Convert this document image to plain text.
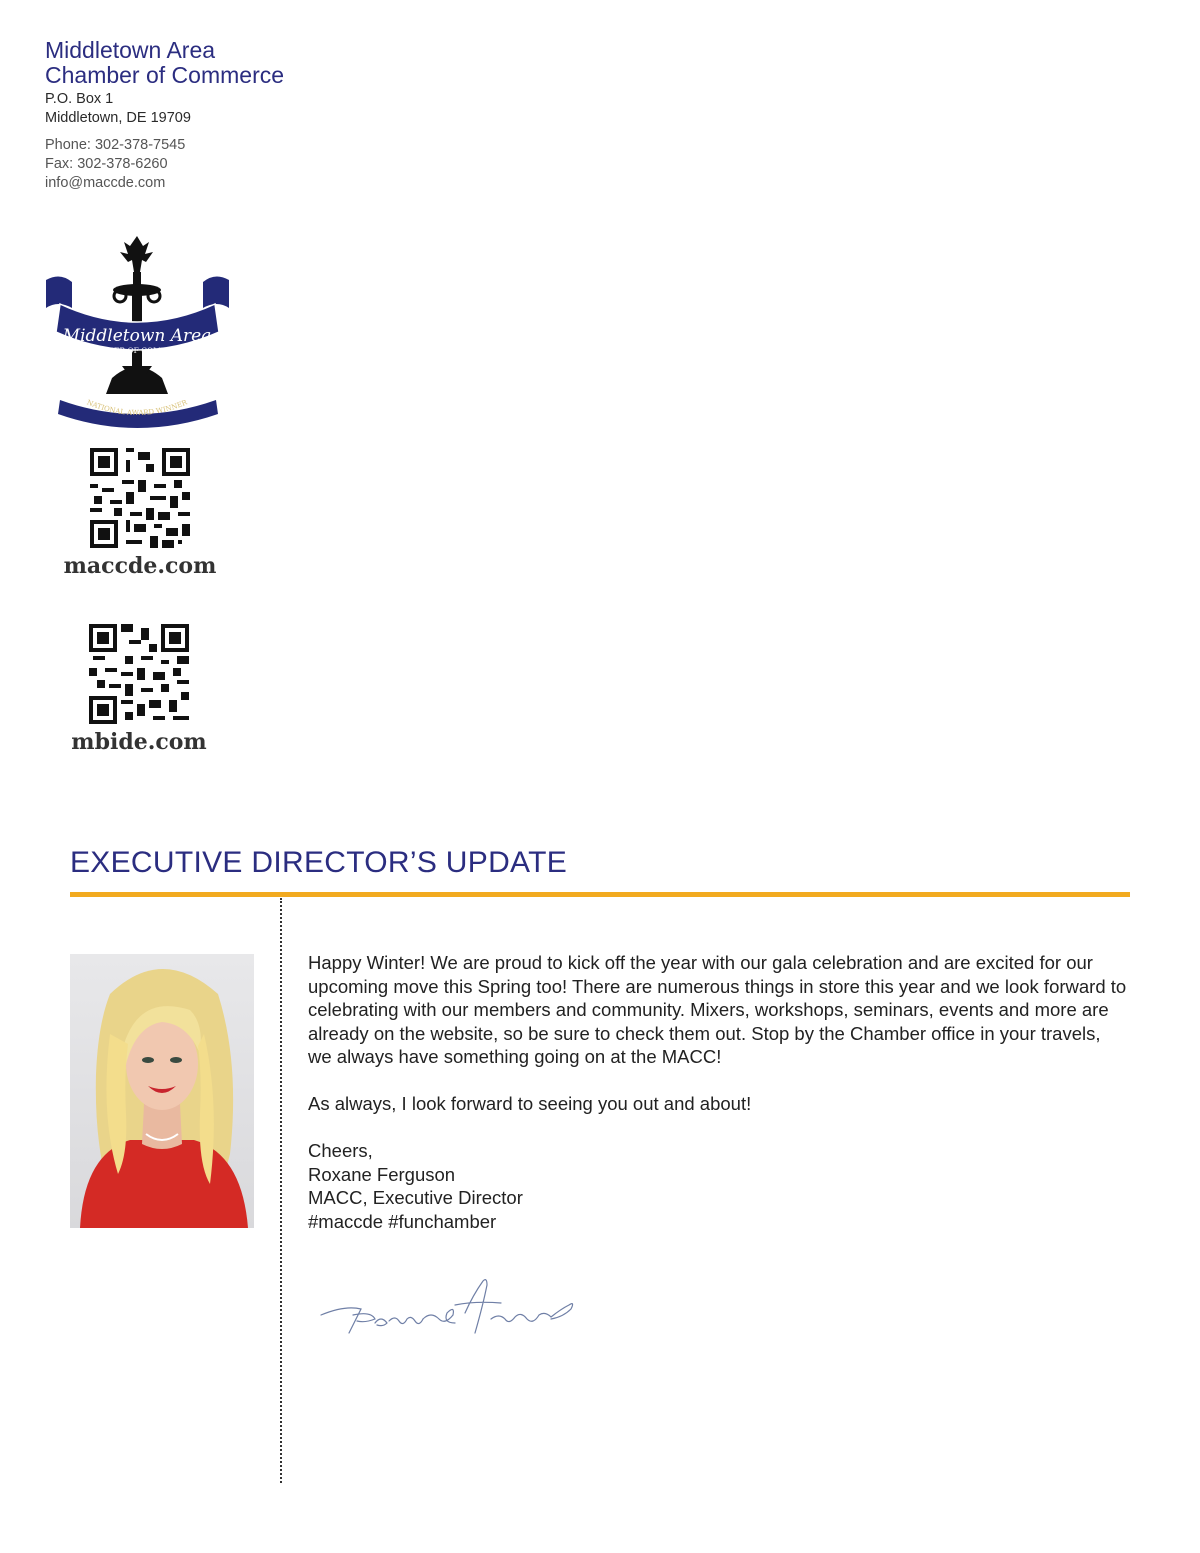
Middletown Area
Chamber of Commerce
P.O. Box 1
Middletown, DE 19709
Phone: 302-378-7545
Fax: 302-378-6260
info@maccde.com
Middletown Area
CHAMBER OF COMMERCE
NATIONAL AWARD WINNER
maccde.com
mbide.com
EXECUTIVE DIRECTOR’S UPDATE

Happy Winter! We are proud to kick off the year with our gala celebration and are excited for our upcoming move this Spring too! There are numerous things in store this year and we look forward to celebrating with our members and community. Mixers, workshops, seminars, events and more are already on the website, so be sure to check them out. Stop by the Chamber office in your travels, we always have something going on at the MACC!

As always, I look forward to seeing you out and about!

Cheers,
Roxane Ferguson
MACC, Executive Director
#maccde #funchamber
